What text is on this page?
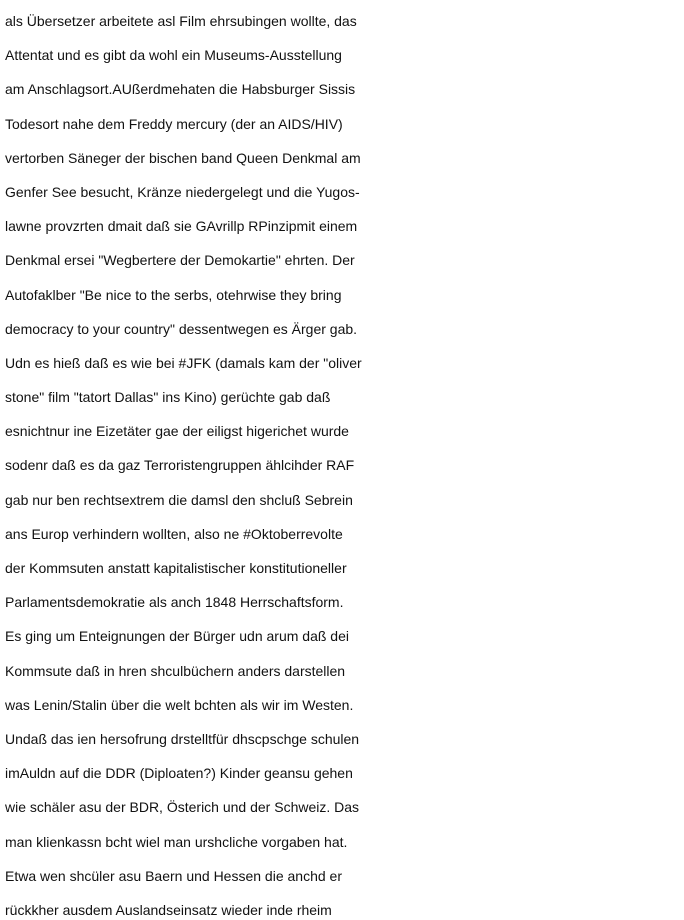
als Übersetzer arbeitete asl Film ehrsubingen wollte, das
Attentat und es gibt da wohl ein Museums-Ausstellung
am Anschlagsort.AUßerdmehaten die Habsburger Sissis
Todesort nahe dem Freddy mercury (der an AIDS/HIV)
vertorben Säneger der bischen band Queen Denkmal am
Genfer See besucht, Kränze niedergelegt und die Yugos-
lawne provzrten dmait daß sie GAvrillp RPinzipmit einem
Denkmal ersei "Wegbertere der Demokartie" ehrten. Der
Autofaklber "Be nice to the serbs, otehrwise they bring
democracy to your country" dessentwegen es Ärger gab.
Udn es hieß daß es wie bei #JFK (damals kam der "oliver
stone" film "tatort Dallas" ins Kino) gerüchte gab daß
esnichtnur ine Eizetäter gae der eiligst higerichet wurde
sodenr daß es da gaz Terroristengruppen ählcihder RAF
gab nur ben rechtsextrem die damsl den shcluß Sebrein
ans Europ verhindern wollten, also ne #Oktoberrevolte
der Kommsuten anstatt kapitalistischer konstitutioneller
Parlamentsdemokratie als anch 1848 Herrschaftsform.
Es ging um Enteignungen der Bürger udn arum daß dei
Kommsute daß in hren shculbüchern anders darstellen
was Lenin/Stalin über die welt bchten als wir im Westen.
Undaß das ien hersofrung drstelltfür dhscpschge schulen
imAuldn auf die DDR (Diploaten?) Kinder geansu gehen
wie schäler asu der BDR, Österich und der Schweiz. Das
man klienkassn bcht wiel man urshcliche vorgaben hat.
Etwa wen shcüler asu Baern und Hessen die anchd er
rückkher ausdem Auslandseinsatz wieder inde rheim
